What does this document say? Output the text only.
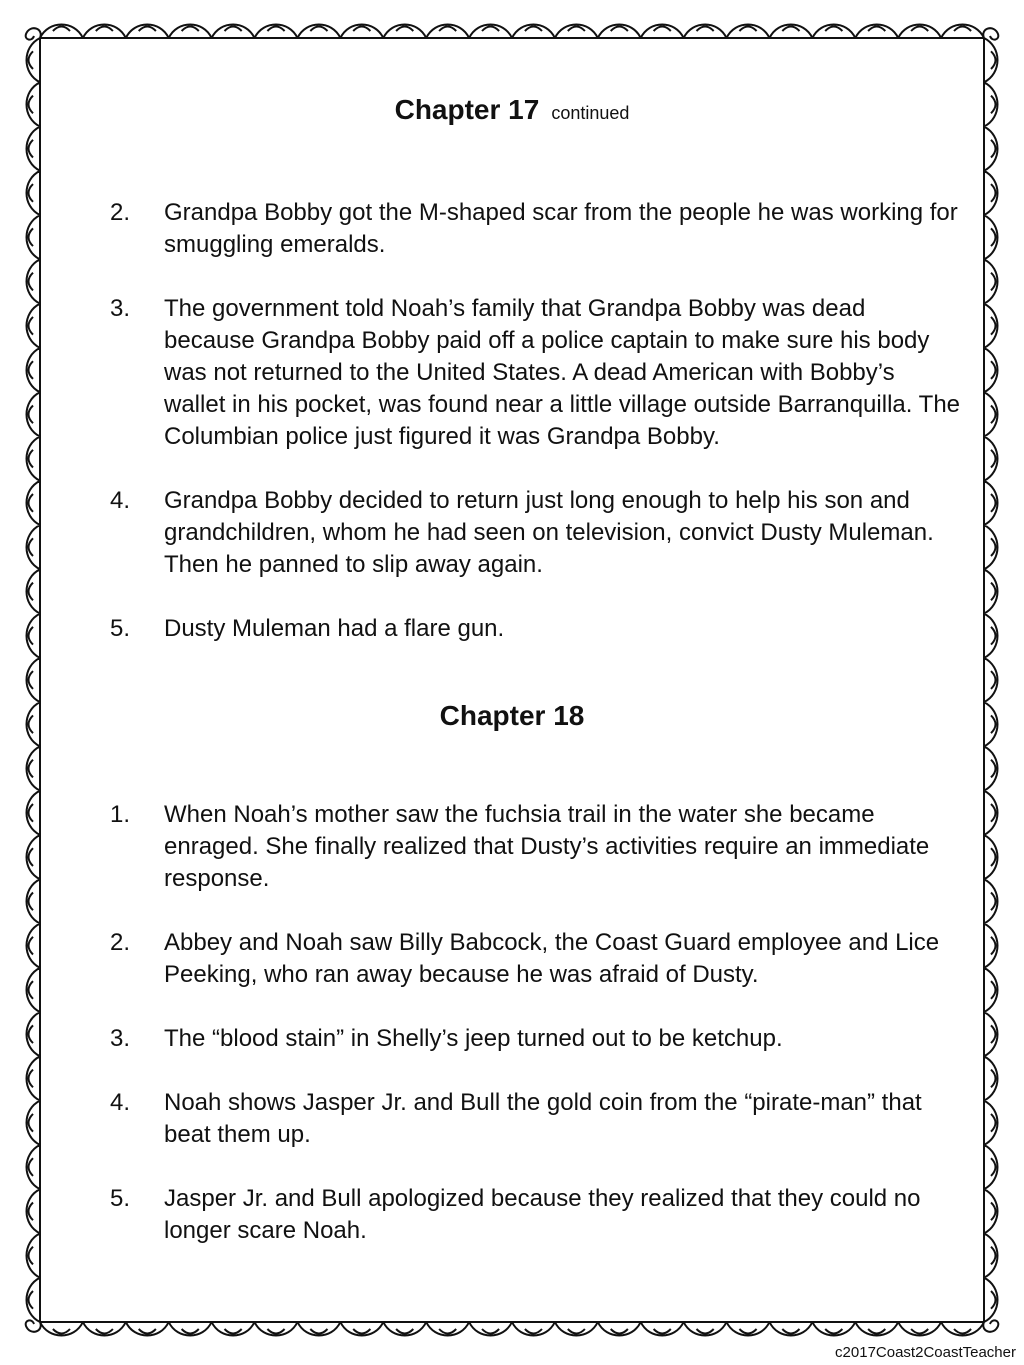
Chapter 17 continued
2. Grandpa Bobby got the M-shaped scar from the people he was working for smuggling emeralds.
3. The government told Noah’s family that Grandpa Bobby was dead because Grandpa Bobby paid off a police captain to make sure his body was not returned to the United States. A dead American with Bobby’s wallet in his pocket, was found near a little village outside Barranquilla. The Columbian police just figured it was Grandpa Bobby.
4. Grandpa Bobby decided to return just long enough to help his son and grandchildren, whom he had seen on television, convict Dusty Muleman. Then he panned to slip away again.
5. Dusty Muleman had a flare gun.
Chapter 18
1. When Noah’s mother saw the fuchsia trail in the water she became enraged. She finally realized that Dusty’s activities require an immediate response.
2. Abbey and Noah saw Billy Babcock, the Coast Guard employee and Lice Peeking, who ran away because he was afraid of Dusty.
3. The “blood stain” in Shelly’s jeep turned out to be ketchup.
4. Noah shows Jasper Jr. and Bull the gold coin from the “pirate-man” that beat them up.
5. Jasper Jr. and Bull apologized because they realized that they could no longer scare Noah.
c2017Coast2CoastTeacher
